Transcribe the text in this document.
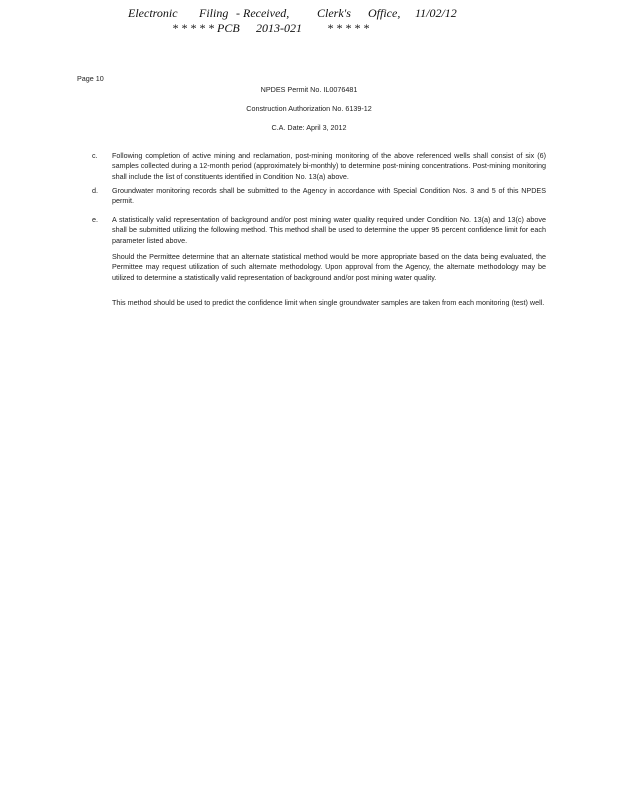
Electronic Filing - Received, Clerk's Office, 11/02/12
* * * * * PCB 2013-021 * * * * *
Page 10
NPDES Permit No. IL0076481
Construction Authorization No. 6139-12
C.A. Date: April 3, 2012
c. Following completion of active mining and reclamation, post-mining monitoring of the above referenced wells shall consist of six (6) samples collected during a 12-month period (approximately bi-monthly) to determine post-mining concentrations. Post-mining monitoring shall include the list of constituents identified in Condition No. 13(a) above.
d. Groundwater monitoring records shall be submitted to the Agency in accordance with Special Condition Nos. 3 and 5 of this NPDES permit.
e. A statistically valid representation of background and/or post mining water quality required under Condition No. 13(a) and 13(c) above shall be submitted utilizing the following method. This method shall be used to determine the upper 95 percent confidence limit for each parameter listed above.
Should the Permittee determine that an alternate statistical method would be more appropriate based on the data being evaluated, the Permittee may request utilization of such alternate methodology. Upon approval from the Agency, the alternate methodology may be utilized to determine a statistically valid representation of background and/or post mining water quality.
This method should be used to predict the confidence limit when single groundwater samples are taken from each monitoring (test) well.
